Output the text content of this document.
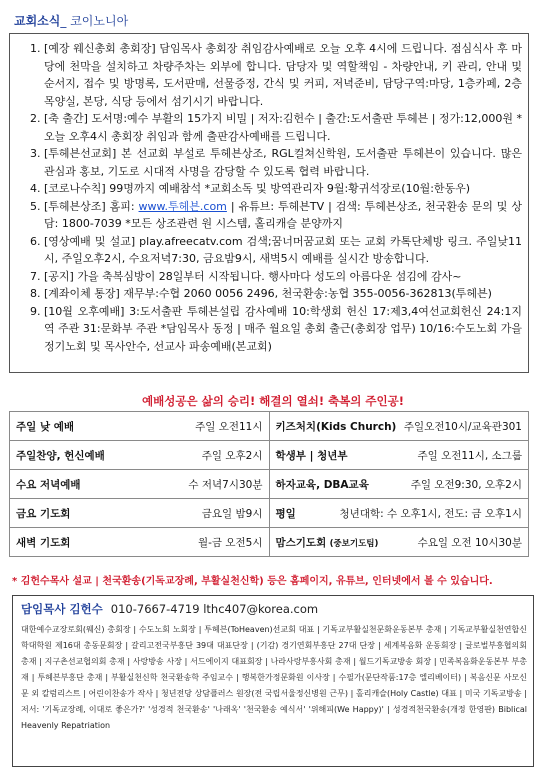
교회소식_ 코이노니아
1. [예장 웨신총회 총회장] 담임목사 총회장 취임감사예배로 오늘 오후 4시에 드립니다. 점심식사 후 마당에 천막을 설치하고 차량주차는 외부에 합니다. 담당자 및 역할책임 - 차량안내, 키 관리, 안내 및 순서지, 접수 및 방명록, 도서판매, 선물증정, 간식 및 커피, 저녁준비, 담당구역:마당, 1층카페, 2층 목양실, 본당, 식당 등에서 섬기시기 바랍니다.
2. [축 출간] 도서명:예수 부활의 15가지 비밀 | 저자:김헌수 | 출간:도서출판 투헤븐 | 정가:12,000원 *오늘 오후4시 총회장 취임과 함께 출판감사예배를 드립니다.
3. [투헤븐선교회] 본 선교회 부설로 투헤븐상조, RGL컬쳐신학원, 도서출판 투헤븐이 있습니다. 많은 관심과 홍보, 기도로 시대적 사명을 감당할 수 있도록 협력 바랍니다.
4. [코로나수칙] 99명까지 예배참석 *교회소독 및 방역관리자 9월:황귀석장로(10월:한동우)
5. [투헤븐상조] 홈피: www.투헤븐.com | 유튜브: 투헤븐TV | 검색: 투헤븐상조, 천국환송 문의 및 상담: 1800-7039 *모든 상조관련 원 시스템, 홀리캐슬 분양까지
6. [영상예배 및 설교] play.afreecatv.com 검색;꿈너머꿈교회 또는 교회 카톡단체방 링크. 주일낮11시, 주일오후2시, 수요저녁7:30, 금요밤9시, 새벽5시 예배를 실시간 방송합니다.
7. [공지] 가을 축복심방이 28일부터 시작됩니다. 행사마다 성도의 아름다운 섬김에 감사~
8. [계좌이체 통장] 재무부:수협 2060 0056 2496, 천국환송:농협 355-0056-362813(투헤븐)
9. [10월 오후예배] 3:도서출판 투헤븐설립 감사예배 10:학생회 헌신 17:제3,4여선교회헌신 24:1지역 주관 31:문화부 주관 *담임목사 동정 | 매주 월요일 총회 출근(총회장 업무) 10/16:수도노회 가을정기노회 및 목사안수, 선교사 파송예배(본교회)
예배성공은 삶의 승리! 해결의 열쇠! 축복의 주인공!
주일 낮 예배 주일 오전11시	키즈처치(Kids Church) 주일오전10시/교육관301

주일찬양, 헌신예배 주일 오후2시	학생부 | 청년부 주일 오전11시, 소그룹

수요 저녁예배 수 저녁7시30분	하자교육, DBA교육 주일 오전9:30, 오후2시

금요 기도회 금요일 밤9시	평일 청년대학: 수 오후1시, 전도: 금 오후1시

새벽 기도회 월-금 오전5시	맘스기도회 (중보기도팀) 수요일 오전 10시30분
* 김헌수목사 설교 | 천국환송(기독교장례, 부활실천신학) 등은 홈페이지, 유튜브, 인터넷에서 볼 수 있습니다.
담임목사 김헌수 010-7667-4719 lthc407@korea.com
대한예수교장로회(웨신) 총회장 | 수도노회 노회장 | 투헤븐(ToHeaven)선교회 대표 | 기독교부활실천문화운동본부 총재 | 기독교부활실천연합신학대학원 제16대 총동문회장 | 갈리고전국부흥단 39대 대표단장 | (기감) 경기연회부흥단 27대 단장 | 세계복음화 운동회장 | 글로벌부흥협의회 총재 | 지구촌선교협의회 총재 | 사랑방송 사장 | 서드에이지 대표회장 | 나라사랑부흥사회 총재 | 월드기독교방송 회장 | 민족복음화운동본부 부총재 | 투헤븐부흥단 총재 | 부활실천신학 천국환송학 주임교수 | 행복한가정문화원 이사장 | 수필가(문단작품:17층 엘리베이터) | 복음신문 사모신문 외 칼럼리스트 | 어린이찬송가 작사 | 청년전당 상담플러스 원장(전 국립서울정신병원 근무) | 홀리캐슬(Holy Castle) 대표 | 미국 기독교방송 | 저서: '기독교장례, 이대로 좋은가?' '성경적 천국환송' '나래옥' '천국환송 예식서' '위해피(We Happy)' | 성경적천국환송(개정 한영판) Biblical Heavenly Repatriation
